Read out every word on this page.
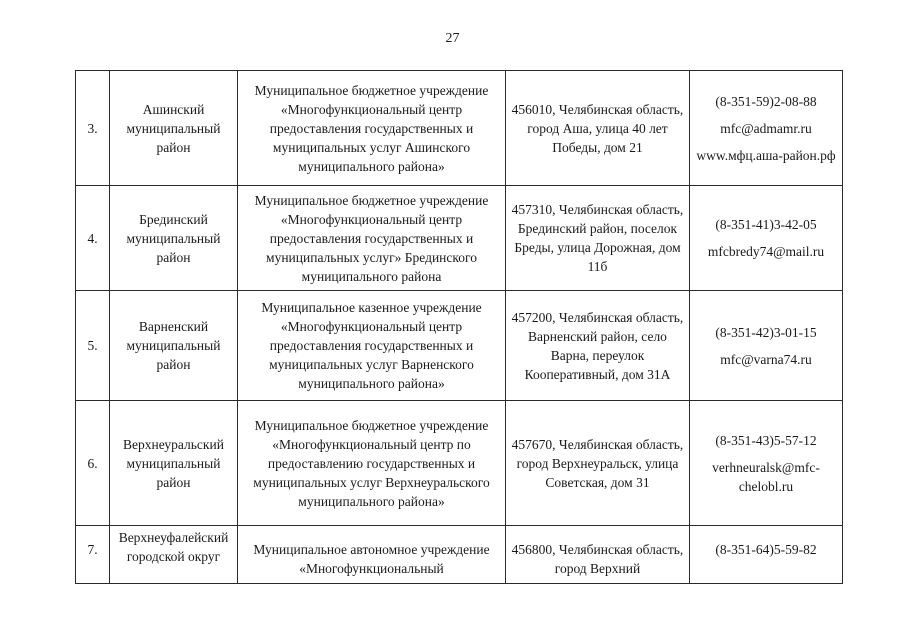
27
3.	Ашинский муниципальный район	Муниципальное бюджетное учреждение «Многофункциональный центр предоставления государственных и муниципальных услуг Ашинского муниципального района»	456010, Челябинская область, город Аша, улица 40 лет Победы, дом 21	(8-351-59)2-08-88
mfc@admamr.ru
www.мфц.аша-район.рф

4.	Брединский муниципальный район	Муниципальное бюджетное учреждение «Многофункциональный центр предоставления государственных и муниципальных услуг» Брединского муниципального района	457310, Челябинская область, Брединский район, поселок Бреды, улица Дорожная, дом 11б	(8-351-41)3-42-05
mfcbredy74@mail.ru

5.	Варненский муниципальный район	Муниципальное казенное учреждение «Многофункциональный центр предоставления государственных и муниципальных услуг Варненского муниципального района»	457200, Челябинская область, Варненский район, село Варна, переулок Кооперативный, дом 31А	(8-351-42)3-01-15
mfc@varna74.ru

6.	Верхнеуральский муниципальный район	Муниципальное бюджетное учреждение «Многофункциональный центр по предоставлению государственных и муниципальных услуг Верхнеуральского муниципального района»	457670, Челябинская область, город Верхнеуральск, улица Советская, дом 31	(8-351-43)5-57-12
verhneuralsk@mfc-chelobl.ru

7.	Верхнеуфалейский городской округ	Муниципальное автономное учреждение «Многофункциональный	456800, Челябинская область, город Верхний	(8-351-64)5-59-82
